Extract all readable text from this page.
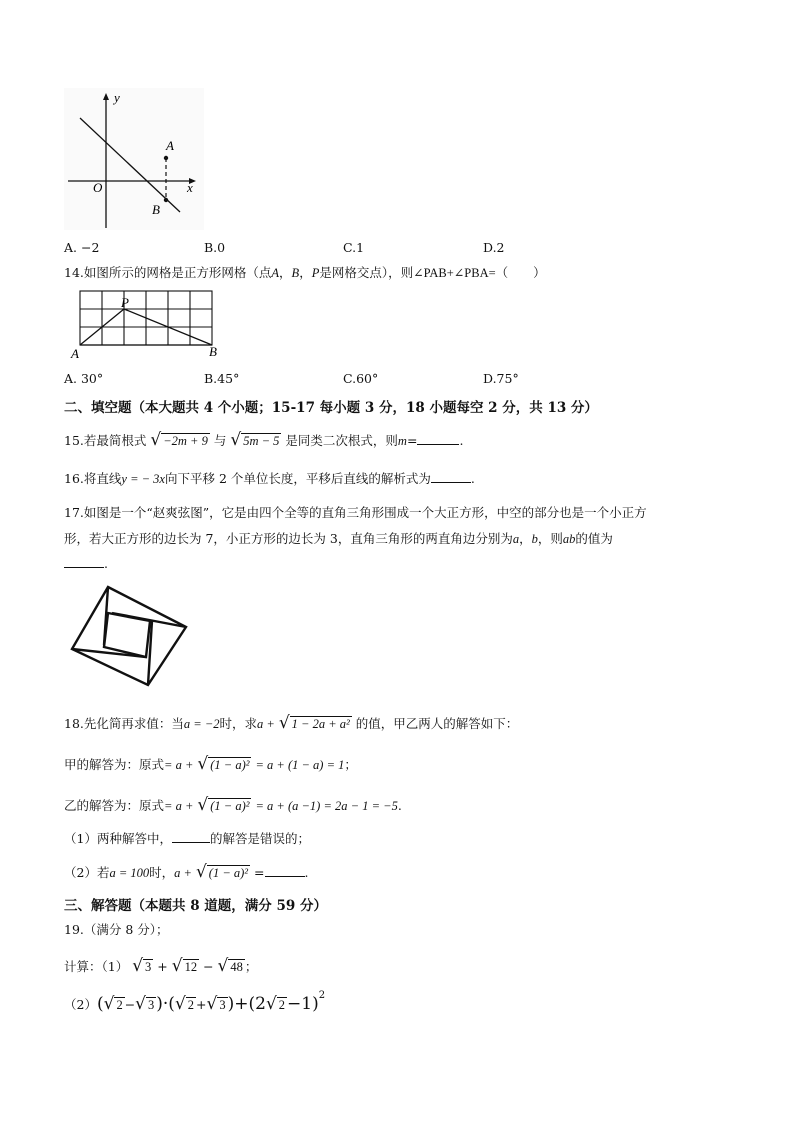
y
x
O
A
B
A. −2	B.0	C.1	D.2
14.如图所示的网格是正方形网格（点A，B，P是网格交点），则∠PAB+∠PBA=（　　）
P
A	B
A. 30°	B.45°	C.60°	D.75°
二、填空题（本大题共 4 个小题；15-17 每小题 3 分，18 小题每空 2 分，共 13 分）
15.若最简根式 √ −2m + 9 与 √ 5m − 5 是同类二次根式，则m=	.
16.将直线y = − 3x向下平移 2 个单位长度，平移后直线的解析式为	.
17.如图是一个“赵爽弦图”，它是由四个全等的直角三角形围成一个大正方形，中空的部分也是一个小正方
形，若大正方形的边长为 7，小正方形的边长为 3，直角三角形的两直角边分别为a，b，则ab的值为
.
18.先化简再求值：当a = −2时，求a + √ 1 − 2a + a² 的值，甲乙两人的解答如下：
甲的解答为：原式= a + √ (1 − a)² = a + (1 − a) = 1；
乙的解答为：原式= a + √ (1 − a)² = a + (a −1) = 2a − 1 = −5.
（1）两种解答中，	的解答是错误的；
（2）若a = 100时，a + √ (1 − a)² =	.
三、解答题（本题共 8 道题，满分 59 分）
19.（满分 8 分）；
计算：（1） √ 3 + √ 12 − √ 48 ；
（2）(√ 2 −√ 3 )·(√ 2 +√ 3 )+(2√ 2 −1)$^2$
